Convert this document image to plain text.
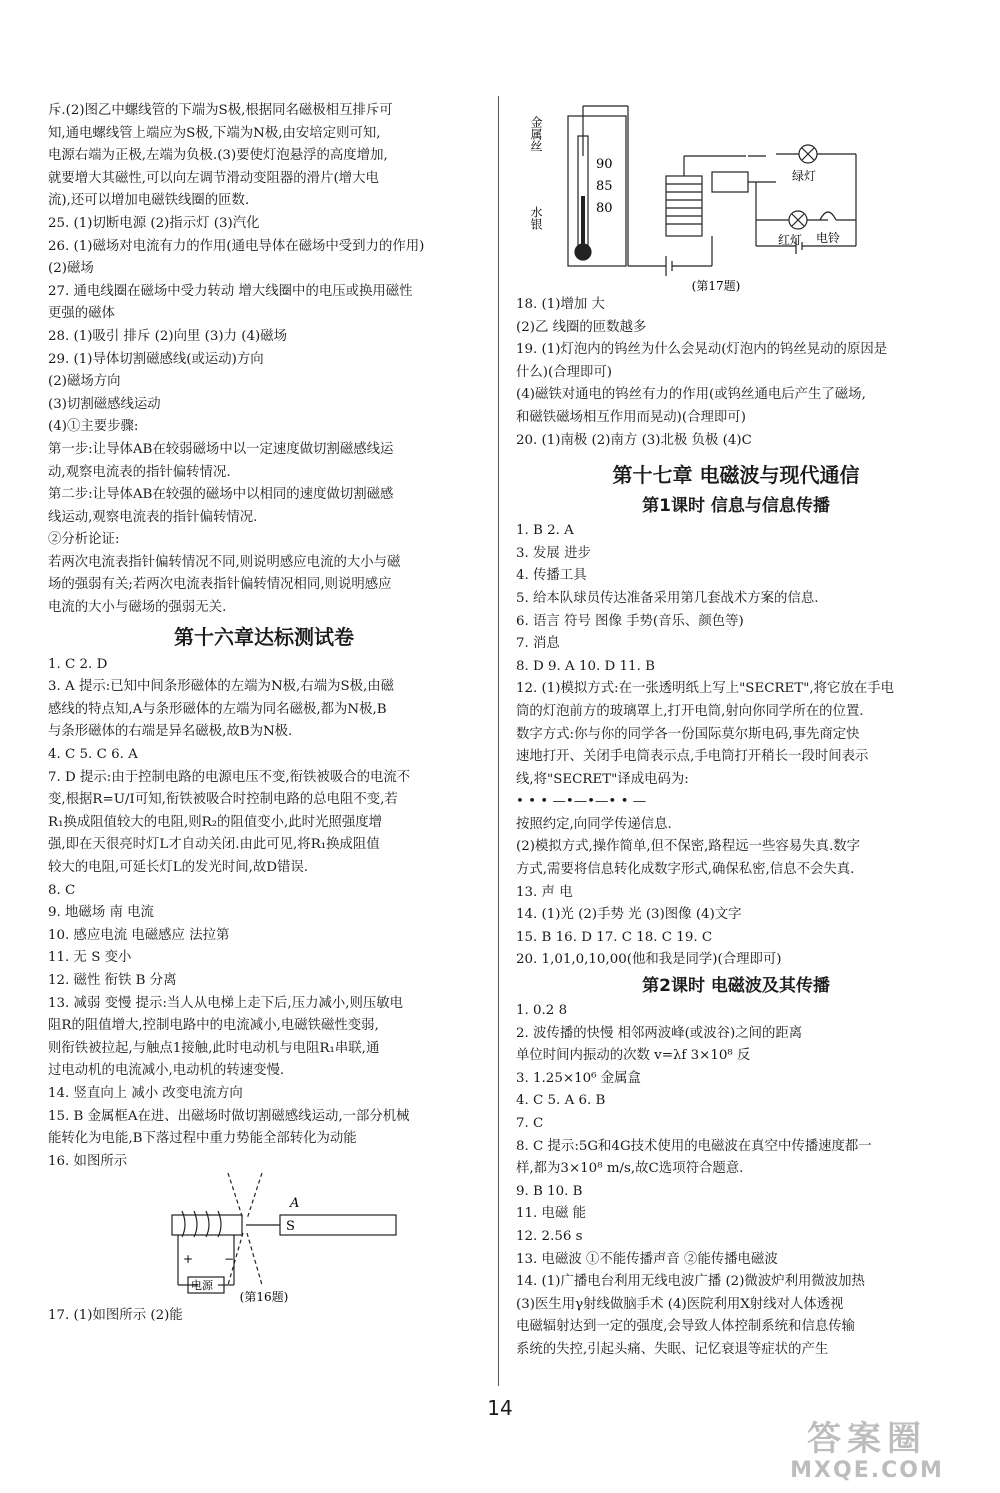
斥.(2)图乙中螺线管的下端为S极,根据同名磁极相互排斥可
知,通电螺线管上端应为S极,下端为N极,由安培定则可知,
电源右端为正极,左端为负极.(3)要使灯泡悬浮的高度增加,
就要增大其磁性,可以向左调节滑动变阻器的滑片(增大电
流),还可以增加电磁铁线圈的匝数.
25. (1)切断电源 (2)指示灯 (3)汽化
26. (1)磁场对电流有力的作用(通电导体在磁场中受到力的作用)
(2)磁场
27. 通电线圈在磁场中受力转动 增大线圈中的电压或换用磁性
更强的磁体
28. (1)吸引 排斥 (2)向里 (3)力 (4)磁场
29. (1)导体切割磁感线(或运动)方向
(2)磁场方向
(3)切割磁感线运动
(4)①主要步骤:
第一步:让导体AB在较弱磁场中以一定速度做切割磁感线运
动,观察电流表的指针偏转情况.
第二步:让导体AB在较强的磁场中以相同的速度做切割磁感
线运动,观察电流表的指针偏转情况.
②分析论证:
若两次电流表指针偏转情况不同,则说明感应电流的大小与磁
场的强弱有关;若两次电流表指针偏转情况相同,则说明感应
电流的大小与磁场的强弱无关.
第十六章达标测试卷
1. C 2. D
3. A 提示:已知中间条形磁体的左端为N极,右端为S极,由磁
感线的特点知,A与条形磁体的左端为同名磁极,都为N极,B
与条形磁体的右端是异名磁极,故B为N极.
4. C 5. C 6. A
7. D 提示:由于控制电路的电源电压不变,衔铁被吸合的电流不
变,根据R=U/I可知,衔铁被吸合时控制电路的总电阻不变,若
R₁换成阻值较大的电阻,则R₂的阻值变小,此时光照强度增
强,即在天很亮时灯L才自动关闭.由此可见,将R₁换成阻值
较大的电阻,可延长灯L的发光时间,故D错误.
8. C
9. 地磁场 南 电流
10. 感应电流 电磁感应 法拉第
11. 无 S 变小
12. 磁性 衔铁 B 分离
13. 减弱 变慢 提示:当人从电梯上走下后,压力减小,则压敏电
阻R的阻值增大,控制电路中的电流减小,电磁铁磁性变弱,
则衔铁被拉起,与触点1接触,此时电动机与电阻R₁串联,通
过电动机的电流减小,电动机的转速变慢.
14. 竖直向上 减小 改变电流方向
15. B 金属框A在进、出磁场时做切割磁感线运动,一部分机械
能转化为电能,B下落过程中重力势能全部转化为动能
16. 如图所示
A
S
+	−
电源
(第16题)
17. (1)如图所示 (2)能
金属丝
水银
90
85
80
绿灯
红灯 电铃
(第17题)
18. (1)增加 大
(2)乙 线圈的匝数越多
19. (1)灯泡内的钨丝为什么会晃动(灯泡内的钨丝晃动的原因是
什么)(合理即可)
(4)磁铁对通电的钨丝有力的作用(或钨丝通电后产生了磁场,
和磁铁磁场相互作用而晃动)(合理即可)
20. (1)南极 (2)南方 (3)北极 负极 (4)C
第十七章 电磁波与现代通信
第1课时 信息与信息传播
1. B 2. A
3. 发展 进步
4. 传播工具
5. 给本队球员传达准备采用第几套战术方案的信息.
6. 语言 符号 图像 手势(音乐、颜色等)
7. 消息
8. D 9. A 10. D 11. B
12. (1)模拟方式:在一张透明纸上写上"SECRET",将它放在手电
筒的灯泡前方的玻璃罩上,打开电筒,射向你同学所在的位置.
数字方式:你与你的同学各一份国际莫尔斯电码,事先商定快
速地打开、关闭手电筒表示点,手电筒打开稍长一段时间表示
线,将"SECRET"译成电码为:
• • • —•—•—• • —
按照约定,向同学传递信息.
(2)模拟方式,操作简单,但不保密,路程远一些容易失真.数字
方式,需要将信息转化成数字形式,确保私密,信息不会失真.
13. 声 电
14. (1)光 (2)手势 光 (3)图像 (4)文字
15. B 16. D 17. C 18. C 19. C
20. 1,01,0,10,00(他和我是同学)(合理即可)
第2课时 电磁波及其传播
1. 0.2 8
2. 波传播的快慢 相邻两波峰(或波谷)之间的距离
单位时间内振动的次数 v=λf 3×10⁸ 反
3. 1.25×10⁶ 金属盒
4. C 5. A 6. B
7. C
8. C 提示:5G和4G技术使用的电磁波在真空中传播速度都一
样,都为3×10⁸ m/s,故C选项符合题意.
9. B 10. B
11. 电磁 能
12. 2.56 s
13. 电磁波 ①不能传播声音 ②能传播电磁波
14. (1)广播电台利用无线电波广播 (2)微波炉利用微波加热
(3)医生用γ射线做脑手术 (4)医院利用X射线对人体透视
电磁辐射达到一定的强度,会导致人体控制系统和信息传输
系统的失控,引起头痛、失眠、记忆衰退等症状的产生
14
答案圈
MXQE.COM
